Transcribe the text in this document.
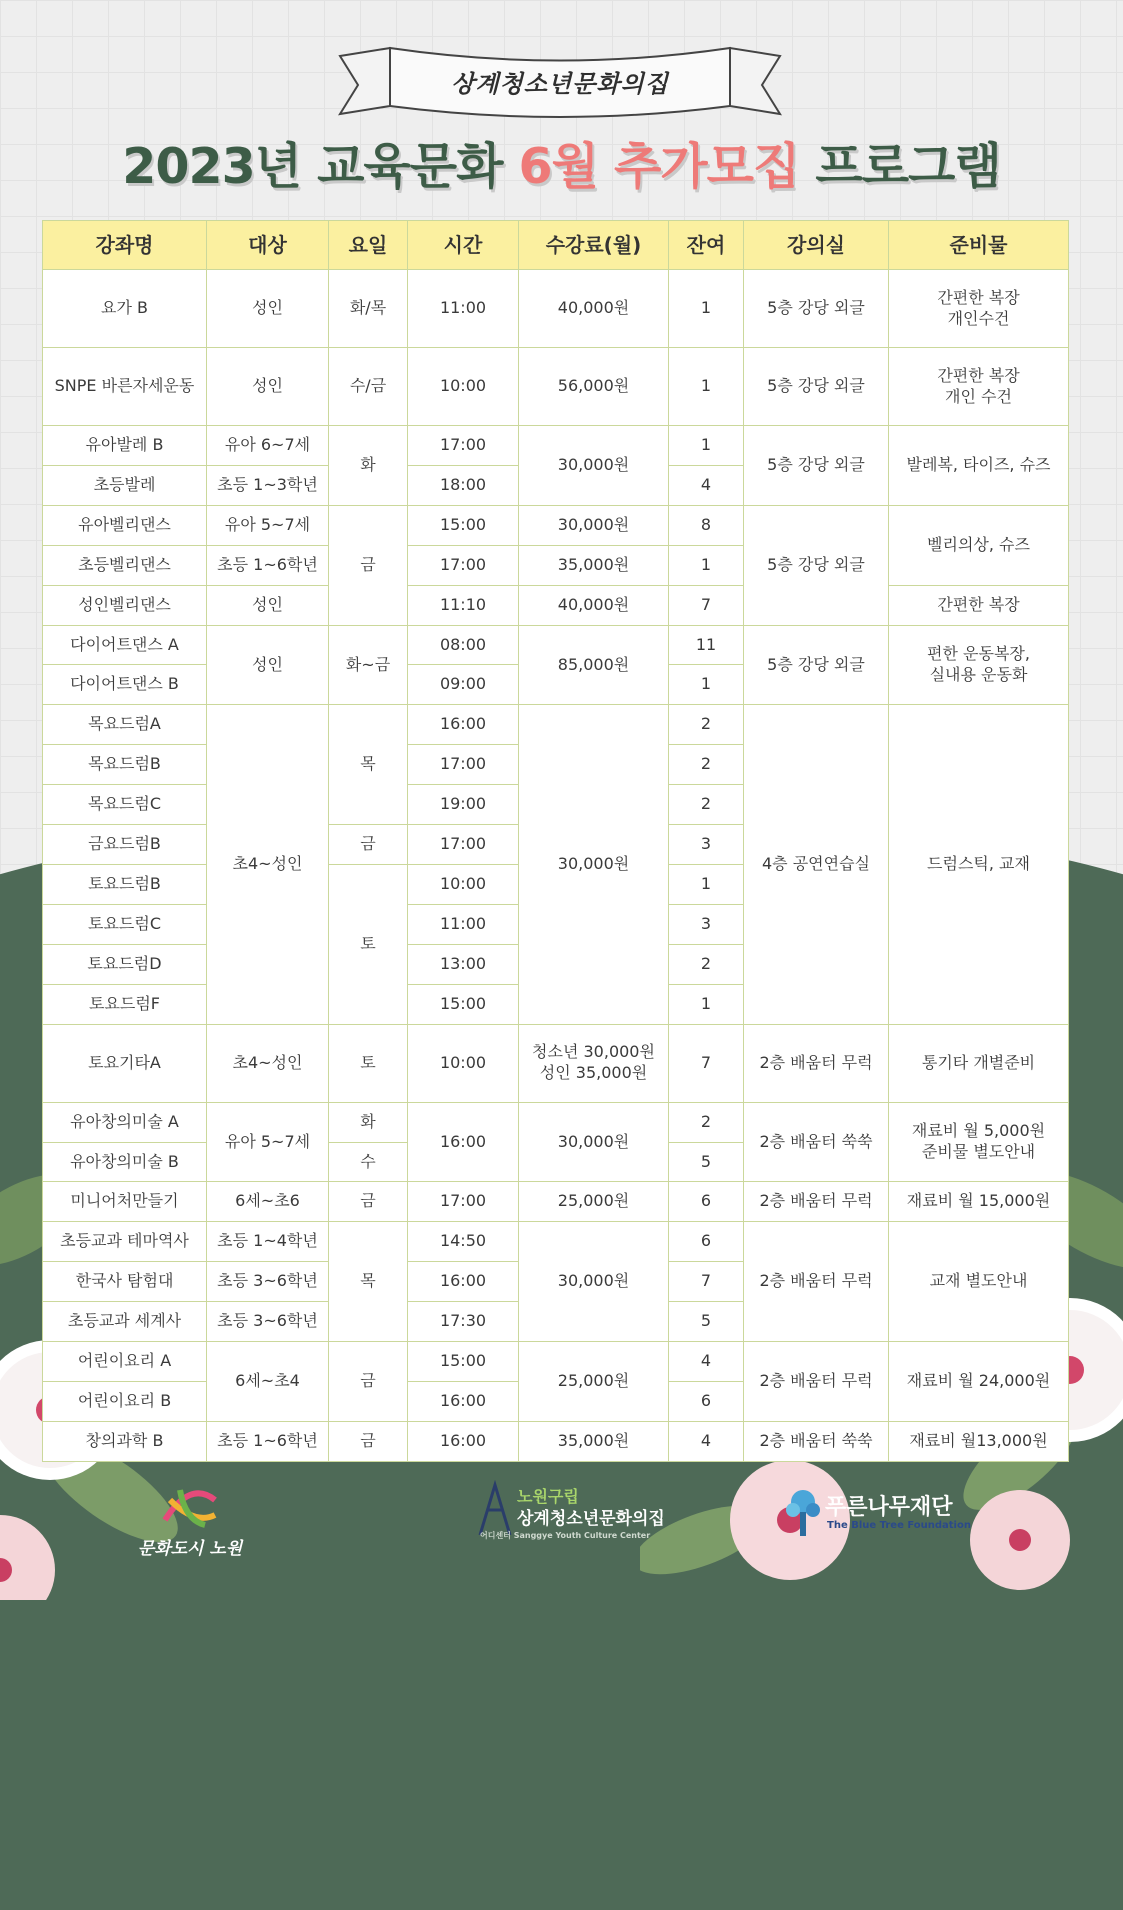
상계청소년문화의집
2023년 교육문화 6월 추가모집 프로그램
강좌명	대상	요일	시간	수강료(월)	잔여	강의실	준비물
요가 B	성인	화/목	11:00	40,000원	1	5층 강당 외글	간편한 복장
개인수건
SNPE 바른자세운동	성인	수/금	10:00	56,000원	1	5층 강당 외글	간편한 복장
개인 수건
유아발레 B	유아 6~7세	화	17:00	30,000원	1	5층 강당 외글	발레복, 타이즈, 슈즈
초등발레	초등 1~3학년		18:00		4		
유아벨리댄스	유아 5~7세	금	15:00	30,000원	8	5층 강당 외글	벨리의상, 슈즈
초등벨리댄스	초등 1~6학년		17:00	35,000원	1		
성인벨리댄스	성인		11:10	40,000원	7		간편한 복장
다이어트댄스 A	성인	화~금	08:00	85,000원	11	5층 강당 외글	편한 운동복장,
실내용 운동화
다이어트댄스 B			09:00		1		
목요드럼A	초4~성인	목	16:00	30,000원	2	4층 공연연습실	드럼스틱, 교재
목요드럼B			17:00		2		
목요드럼C			19:00		2		
금요드럼B		금	17:00		3		
토요드럼B		토	10:00		1		
토요드럼C			11:00		3		
토요드럼D			13:00		2		
토요드럼F			15:00		1		
토요기타A	초4~성인	토	10:00	청소년 30,000원
성인 35,000원	7	2층 배움터 무럭	통기타 개별준비
유아창의미술 A	유아 5~7세	화	16:00	30,000원	2	2층 배움터 쑥쑥	재료비 월 5,000원
준비물 별도안내
유아창의미술 B		수			5		
미니어처만들기	6세~초6	금	17:00	25,000원	6	2층 배움터 무럭	재료비 월 15,000원
초등교과 테마역사	초등 1~4학년	목	14:50	30,000원	6	2층 배움터 무럭	교재 별도안내
한국사 탐험대	초등 3~6학년		16:00		7		
초등교과 세계사	초등 3~6학년		17:30		5		
어린이요리 A	6세~초4	금	15:00	25,000원	4	2층 배움터 무럭	재료비 월 24,000원
어린이요리 B			16:00		6		
창의과학 B	초등 1~6학년	금	16:00	35,000원	4	2층 배움터 쑥쑥	재료비 월13,000원
문화도시 노원
노원구립
상계청소년문화의집
어디센터 Sanggye Youth Culture Center
푸른나무재단
The Blue Tree Foundation
